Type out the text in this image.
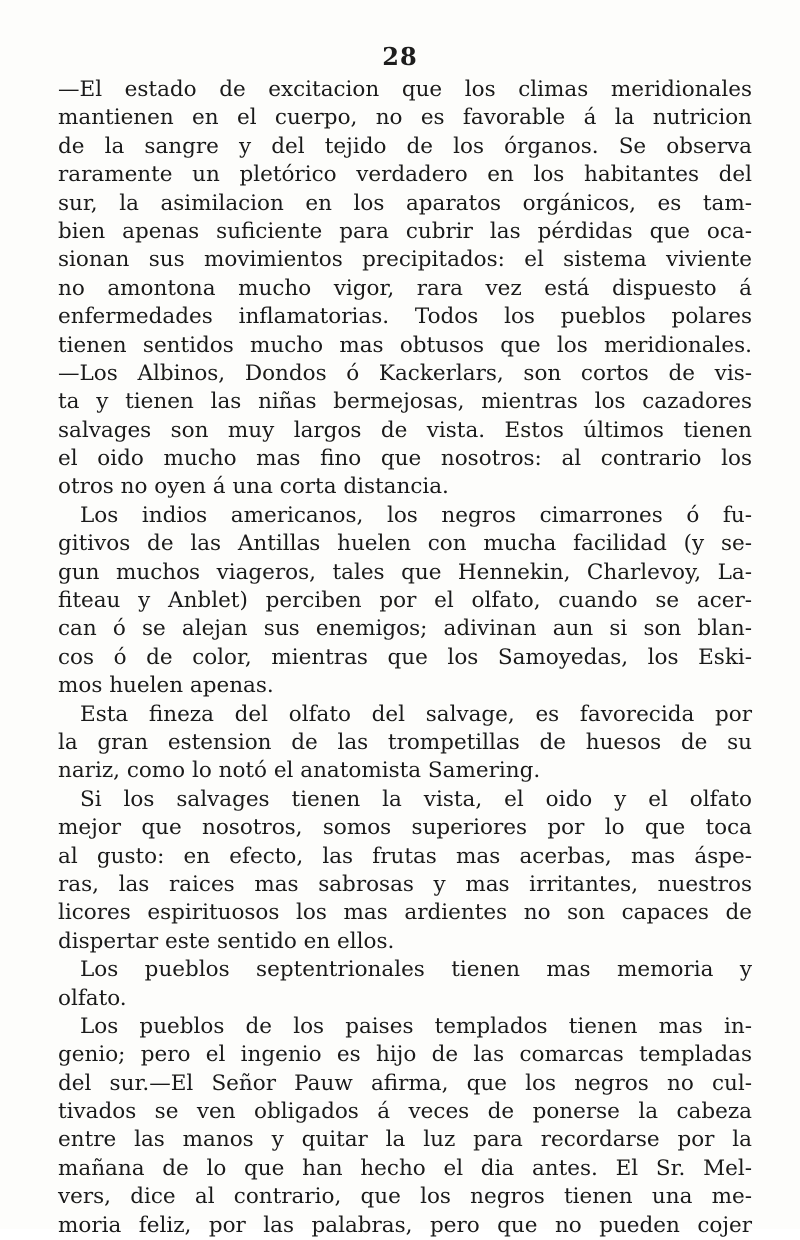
28
—El estado de excitacion que los climas meridionales
mantienen en el cuerpo, no es favorable á la nutricion
de la sangre y del tejido de los órganos. Se observa
raramente un pletórico verdadero en los habitantes del
sur, la asimilacion en los aparatos orgánicos, es tam-
bien apenas suficiente para cubrir las pérdidas que oca-
sionan sus movimientos precipitados: el sistema viviente
no amontona mucho vigor, rara vez está dispuesto á
enfermedades inflamatorias. Todos los pueblos polares
tienen sentidos mucho mas obtusos que los meridionales.
—Los Albinos, Dondos ó Kackerlars, son cortos de vis-
ta y tienen las niñas bermejosas, mientras los cazadores
salvages son muy largos de vista. Estos últimos tienen
el oido mucho mas fino que nosotros: al contrario los
otros no oyen á una corta distancia.
Los indios americanos, los negros cimarrones ó fu-
gitivos de las Antillas huelen con mucha facilidad (y se-
gun muchos viageros, tales que Hennekin, Charlevoy, La-
fiteau y Anblet) perciben por el olfato, cuando se acer-
can ó se alejan sus enemigos; adivinan aun si son blan-
cos ó de color, mientras que los Samoyedas, los Eski-
mos huelen apenas.
Esta fineza del olfato del salvage, es favorecida por
la gran estension de las trompetillas de huesos de su
nariz, como lo notó el anatomista Samering.
Si los salvages tienen la vista, el oido y el olfato
mejor que nosotros, somos superiores por lo que toca
al gusto: en efecto, las frutas mas acerbas, mas áspe-
ras, las raices mas sabrosas y mas irritantes, nuestros
licores espirituosos los mas ardientes no son capaces de
dispertar este sentido en ellos.
Los pueblos septentrionales tienen mas memoria y
olfato.
Los pueblos de los paises templados tienen mas in-
genio; pero el ingenio es hijo de las comarcas templadas
del sur.—El Señor Pauw afirma, que los negros no cul-
tivados se ven obligados á veces de ponerse la cabeza
entre las manos y quitar la luz para recordarse por la
mañana de lo que han hecho el dia antes. El Sr. Mel-
vers, dice al contrario, que los negros tienen una me-
moria feliz, por las palabras, pero que no pueden cojer
